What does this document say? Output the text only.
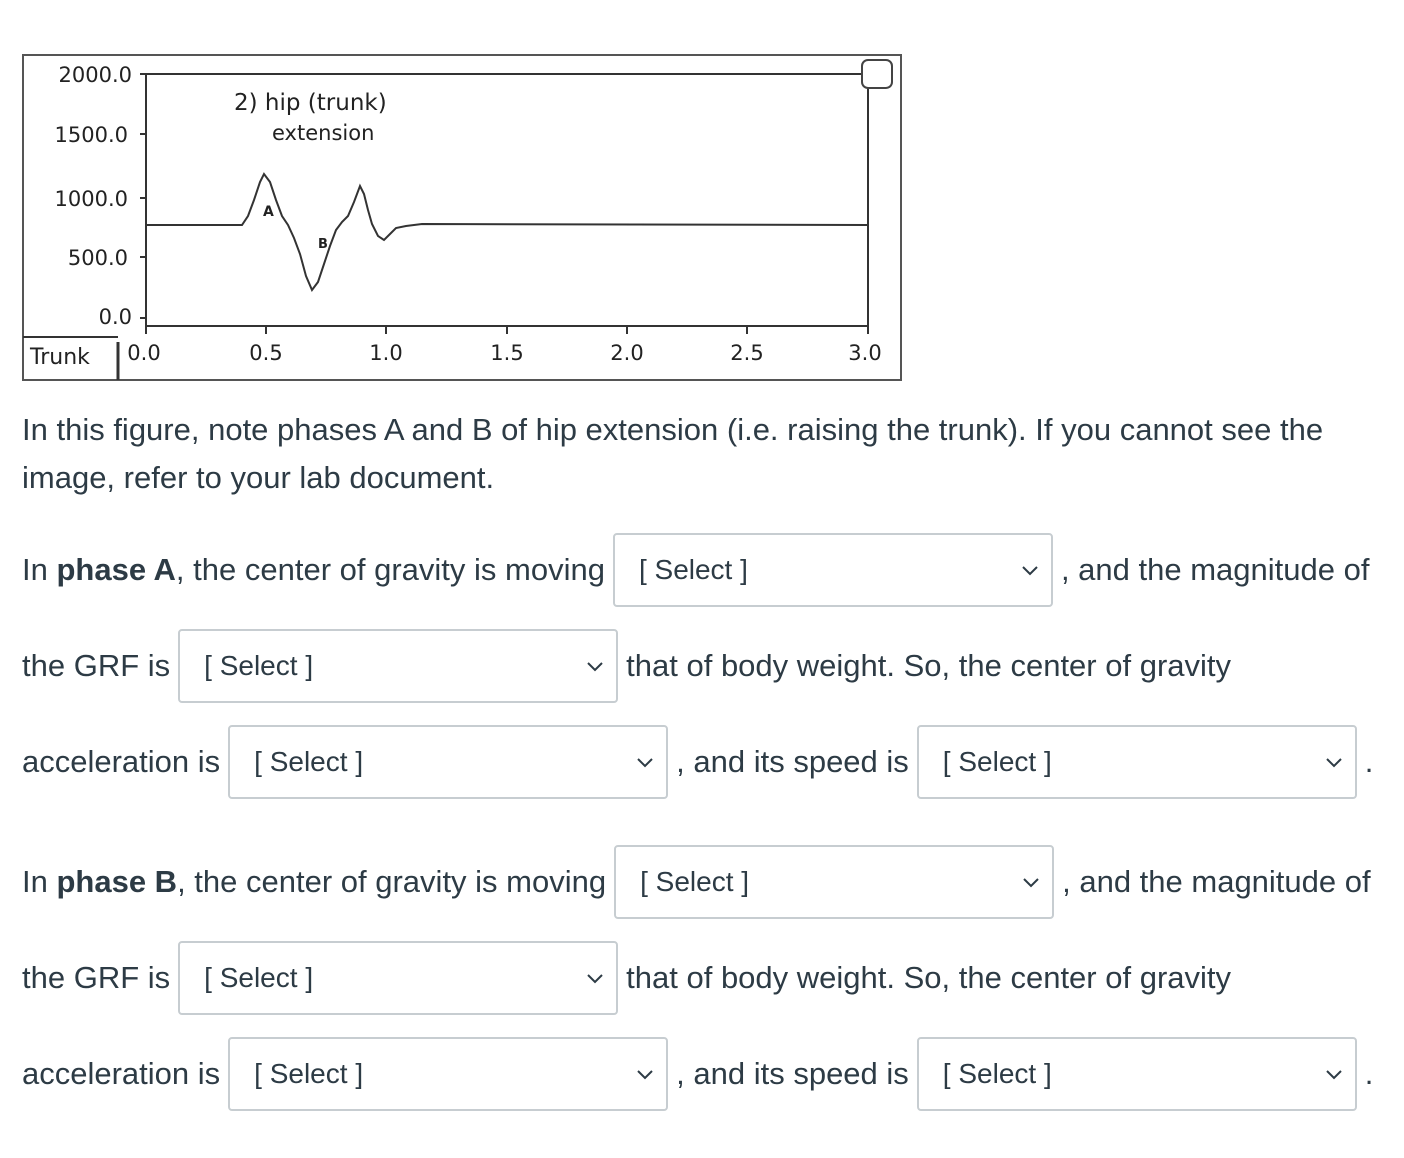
2000.0
1500.0
1000.0
500.0
0.0
Trunk 0.0	0.5	1.0	1.5	2.0	2.5	3.0
2) hip (trunk)
extension
A
B

In this figure, note phases A and B of hip extension (i.e. raising the trunk). If you cannot see the image, refer to your lab document.

In phase A, the center of gravity is moving [ Select ]	, and the magnitude of
the GRF is [ Select ]	that of body weight. So, the center of gravity
acceleration is [ Select ]	, and its speed is [ Select ]	.
In phase B, the center of gravity is moving [ Select ]	, and the magnitude of
the GRF is [ Select ]	that of body weight. So, the center of gravity
acceleration is [ Select ]	, and its speed is [ Select ]	.
